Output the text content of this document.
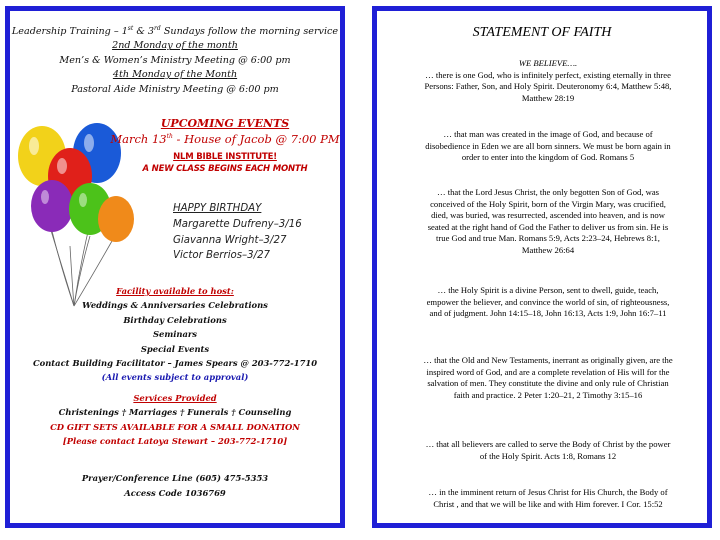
Leadership Training – 1st & 3rd Sundays follow the morning service
2nd Monday of the month
Men’s & Women’s Ministry Meeting @ 6:00 pm
4th Monday of the Month
Pastoral Aide Ministry Meeting @ 6:00 pm
UPCOMING EVENTS
March 13th - House of Jacob @ 7:00 PM
NLM BIBLE INSTITUTE!
A NEW CLASS BEGINS EACH MONTH
HAPPY BIRTHDAY
Margarette Dufreny–3/16
Giavanna Wright–3/27
Victor Berrios–3/27
Facility available to host:
Weddings & Anniversaries Celebrations
Birthday Celebrations
Seminars
Special Events
Contact Building Facilitator – James Spears @ 203-772-1710
(All events subject to approval)
Services Provided
Christenings † Marriages † Funerals † Counseling
CD GIFT SETS AVAILABLE FOR A SMALL DONATION
[Please contact Latoya Stewart – 203-772-1710]
Prayer/Conference Line (605) 475-5353
Access Code 1036769
STATEMENT OF FAITH
WE BELIEVE….
… there is one God, who is infinitely perfect, existing eternally in three Persons: Father, Son, and Holy Spirit. Deuteronomy 6:4, Matthew 5:48, Matthew 28:19
… that man was created in the image of God, and because of disobedience in Eden we are all born sinners. We must be born again in order to enter into the kingdom of God. Romans 5
… that the Lord Jesus Christ, the only begotten Son of God, was conceived of the Holy Spirit, born of the Virgin Mary, was crucified, died, was buried, was resurrected, ascended into heaven, and is now seated at the right hand of God the Father to deliver us from sin. He is true God and true Man. Romans 5:9, Acts 2:23–24, Hebrews 8:1, Matthew 26:64
… the Holy Spirit is a divine Person, sent to dwell, guide, teach, empower the believer, and convince the world of sin, of righteousness, and of judgment. John 14:15–18, John 16:13, Acts 1:9, John 16:7–11
… that the Old and New Testaments, inerrant as originally given, are the inspired word of God, and are a complete revelation of His will for the salvation of men. They constitute the divine and only rule of Christian faith and practice. 2 Peter 1:20–21, 2 Timothy 3:15–16
… that all believers are called to serve the Body of Christ by the power of the Holy Spirit. Acts 1:8, Romans 12
… in the imminent return of Jesus Christ for His Church, the Body of Christ , and that we will be like and with Him forever. I Cor. 15:52
